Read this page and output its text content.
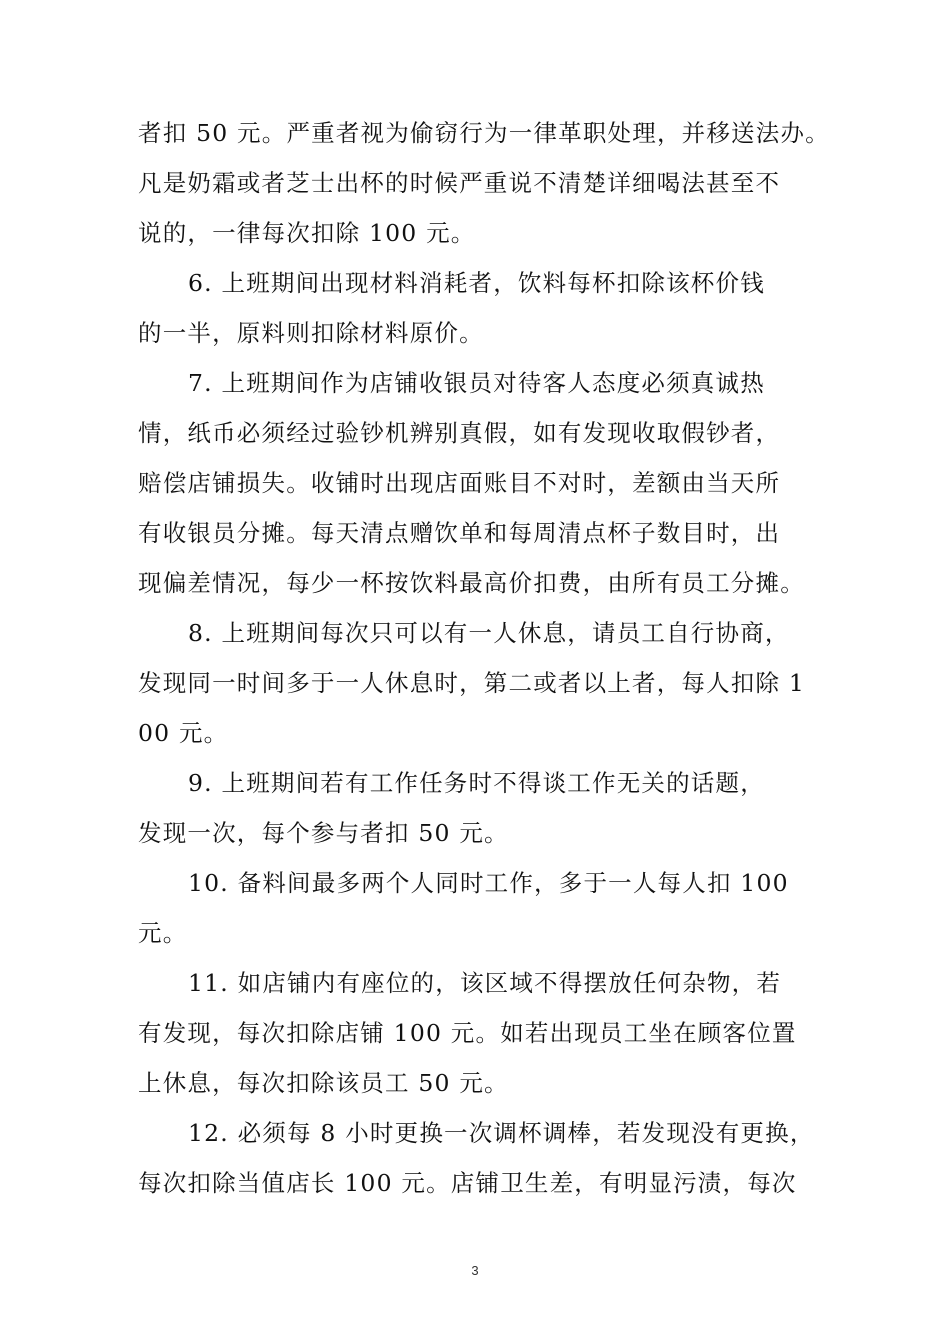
者扣 50 元。严重者视为偷窃行为一律革职处理，并移送法办。
凡是奶霜或者芝士出杯的时候严重说不清楚详细喝法甚至不
说的，一律每次扣除 100 元。
6. 上班期间出现材料消耗者，饮料每杯扣除该杯价钱
的一半，原料则扣除材料原价。
7. 上班期间作为店铺收银员对待客人态度必须真诚热
情，纸币必须经过验钞机辨别真假，如有发现收取假钞者，
赔偿店铺损失。收铺时出现店面账目不对时，差额由当天所
有收银员分摊。每天清点赠饮单和每周清点杯子数目时，出
现偏差情况，每少一杯按饮料最高价扣费，由所有员工分摊。
8. 上班期间每次只可以有一人休息，请员工自行协商，
发现同一时间多于一人休息时，第二或者以上者，每人扣除 1
00 元。
9. 上班期间若有工作任务时不得谈工作无关的话题，
发现一次，每个参与者扣 50 元。
10. 备料间最多两个人同时工作，多于一人每人扣 100
元。
11. 如店铺内有座位的，该区域不得摆放任何杂物，若
有发现，每次扣除店铺 100 元。如若出现员工坐在顾客位置
上休息，每次扣除该员工 50 元。
12. 必须每 8 小时更换一次调杯调棒，若发现没有更换，
每次扣除当值店长 100 元。店铺卫生差，有明显污渍，每次
3
